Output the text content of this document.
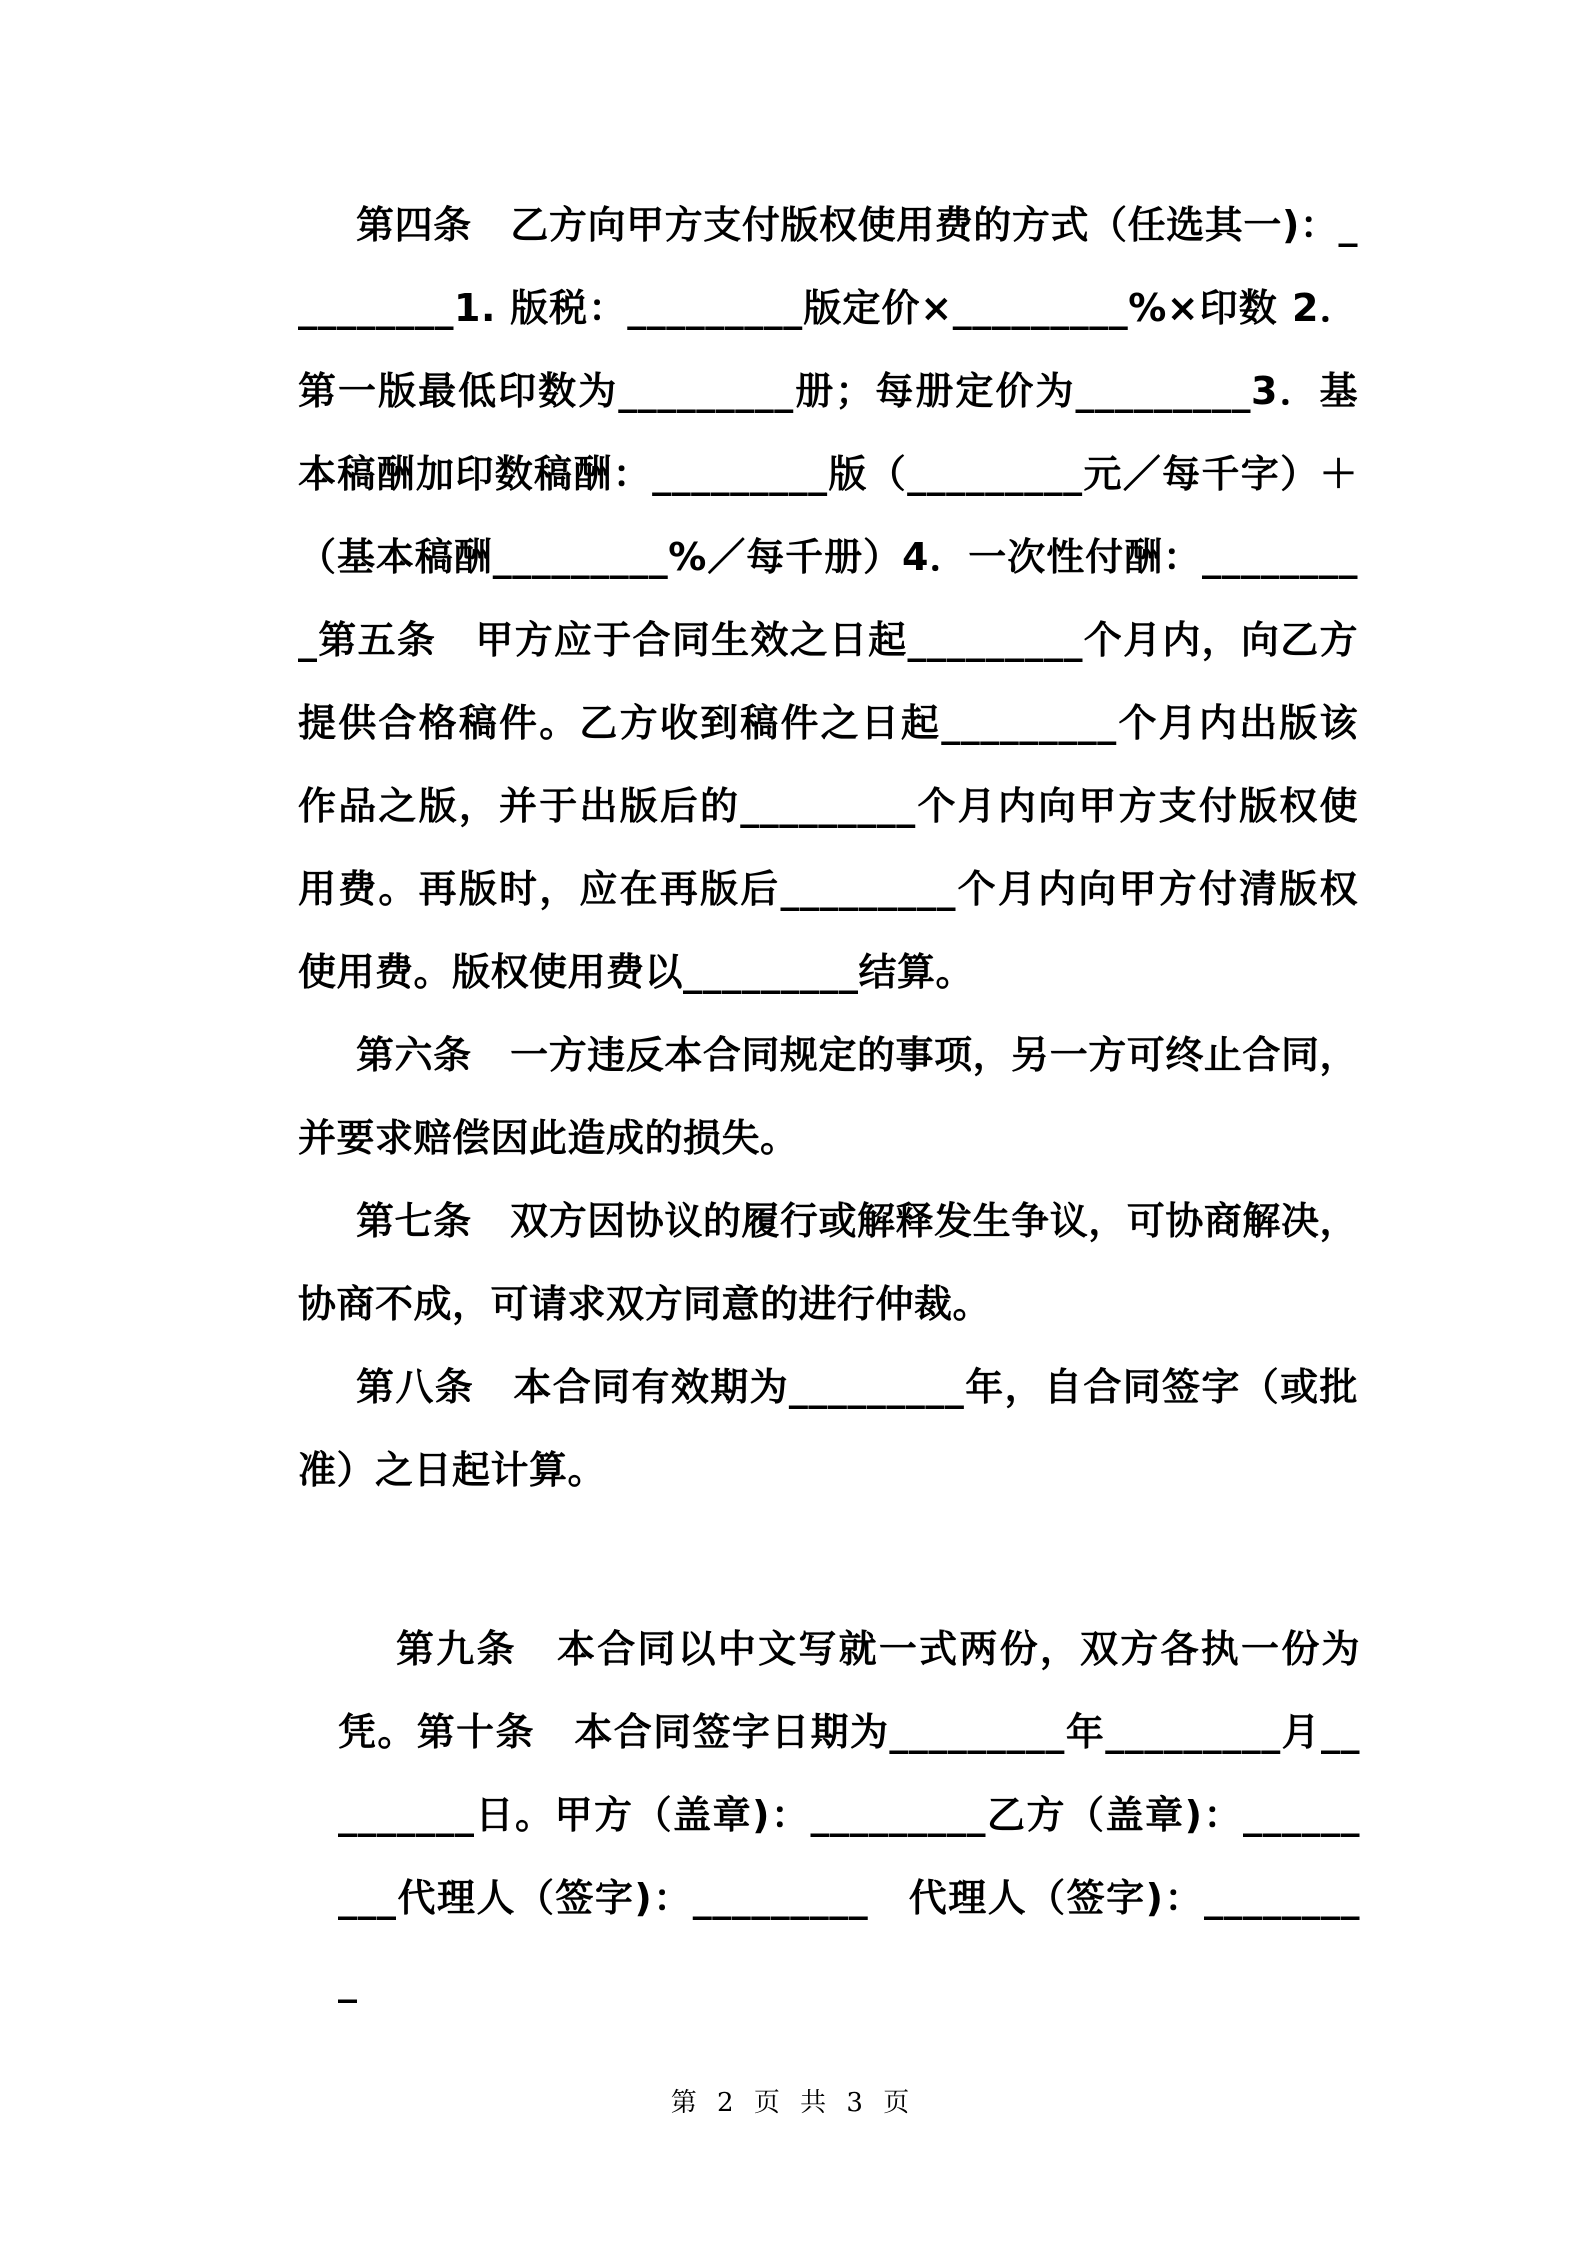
第四条　乙方向甲方支付版权使用费的方式（任选其一)：_________1. 版税：_________版定价×_________%×印数 2．第一版最低印数为_________册；每册定价为_________3．基本稿酬加印数稿酬：_________版（_________元／每千字）＋（基本稿酬_________%／每千册）4．一次性付酬：_________第五条　甲方应于合同生效之日起_________个月内，向乙方提供合格稿件。乙方收到稿件之日起_________个月内出版该作品之版，并于出版后的_________个月内向甲方支付版权使用费。再版时，应在再版后_________个月内向甲方付清版权使用费。版权使用费以_________结算。

第六条　一方违反本合同规定的事项，另一方可终止合同，并要求赔偿因此造成的损失。

第七条　双方因协议的履行或解释发生争议，可协商解决，协商不成，可请求双方同意的进行仲裁。

第八条　本合同有效期为_________年，自合同签字（或批准）之日起计算。

第九条　本合同以中文写就一式两份，双方各执一份为凭。第十条　本合同签字日期为_________年_________月_________日。甲方（盖章)：_________乙方（盖章)：_________代理人（签字)：_________　代理人（签字)：_________

第 2 页 共 3 页
